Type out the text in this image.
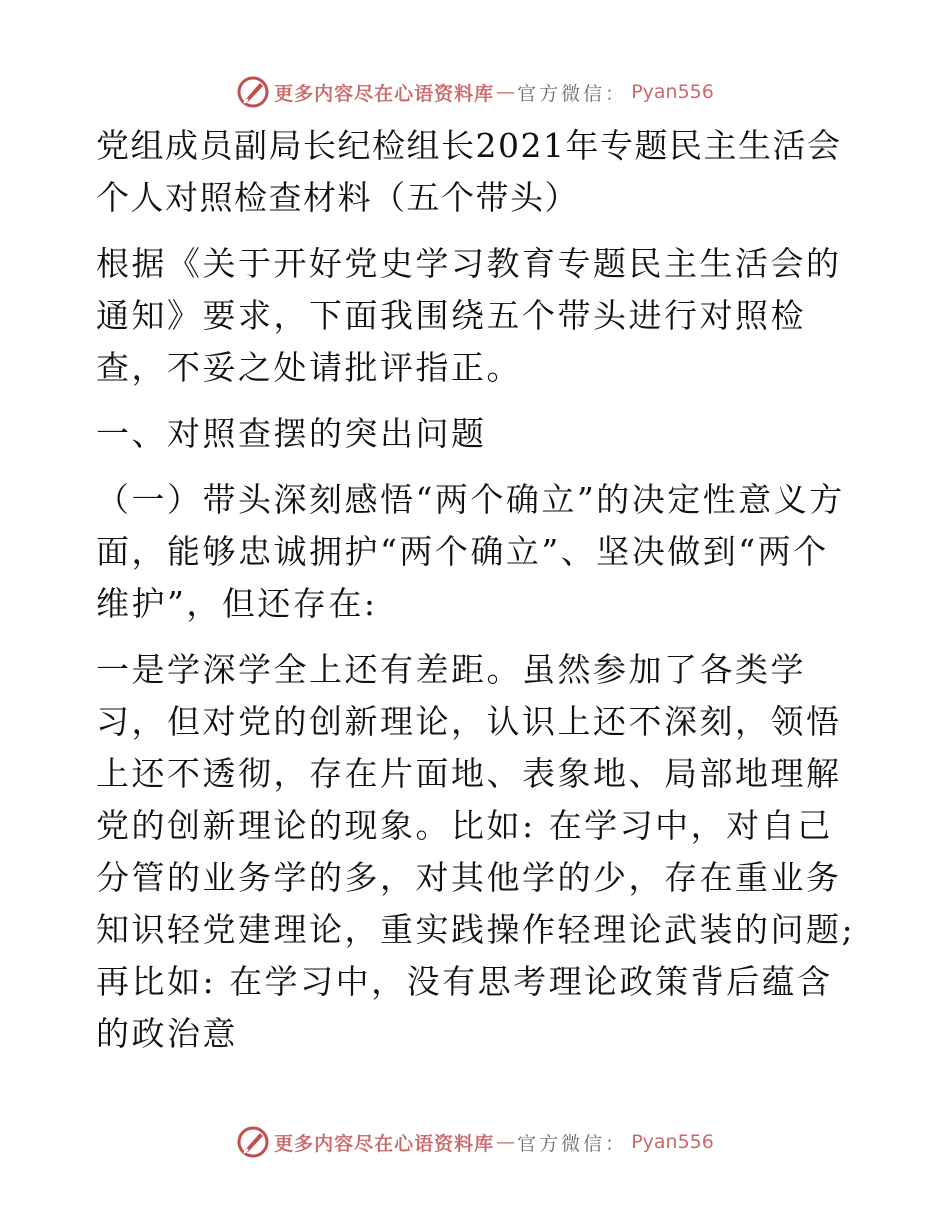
更多内容尽在心语资料库 — 官方微信： Pyan556

党组成员副局长纪检组长2021年专题民主生活会个人对照检查材料（五个带头）

根据《关于开好党史学习教育专题民主生活会的通知》要求，下面我围绕五个带头进行对照检查，不妥之处请批评指正。

一、对照查摆的突出问题

（一）带头深刻感悟“两个确立”的决定性意义方面，能够忠诚拥护“两个确立”、坚决做到“两个维护”，但还存在:

一是学深学全上还有差距。虽然参加了各类学习，但对党的创新理论，认识上还不深刻，领悟上还不透彻，存在片面地、表象地、局部地理解党的创新理论的现象。比如: 在学习中，对自己分管的业务学的多，对其他学的少，存在重业务知识轻党建理论，重实践操作轻理论武装的问题; 再比如: 在学习中，没有思考理论政策背后蕴含的政治意

更多内容尽在心语资料库 — 官方微信： Pyan556
